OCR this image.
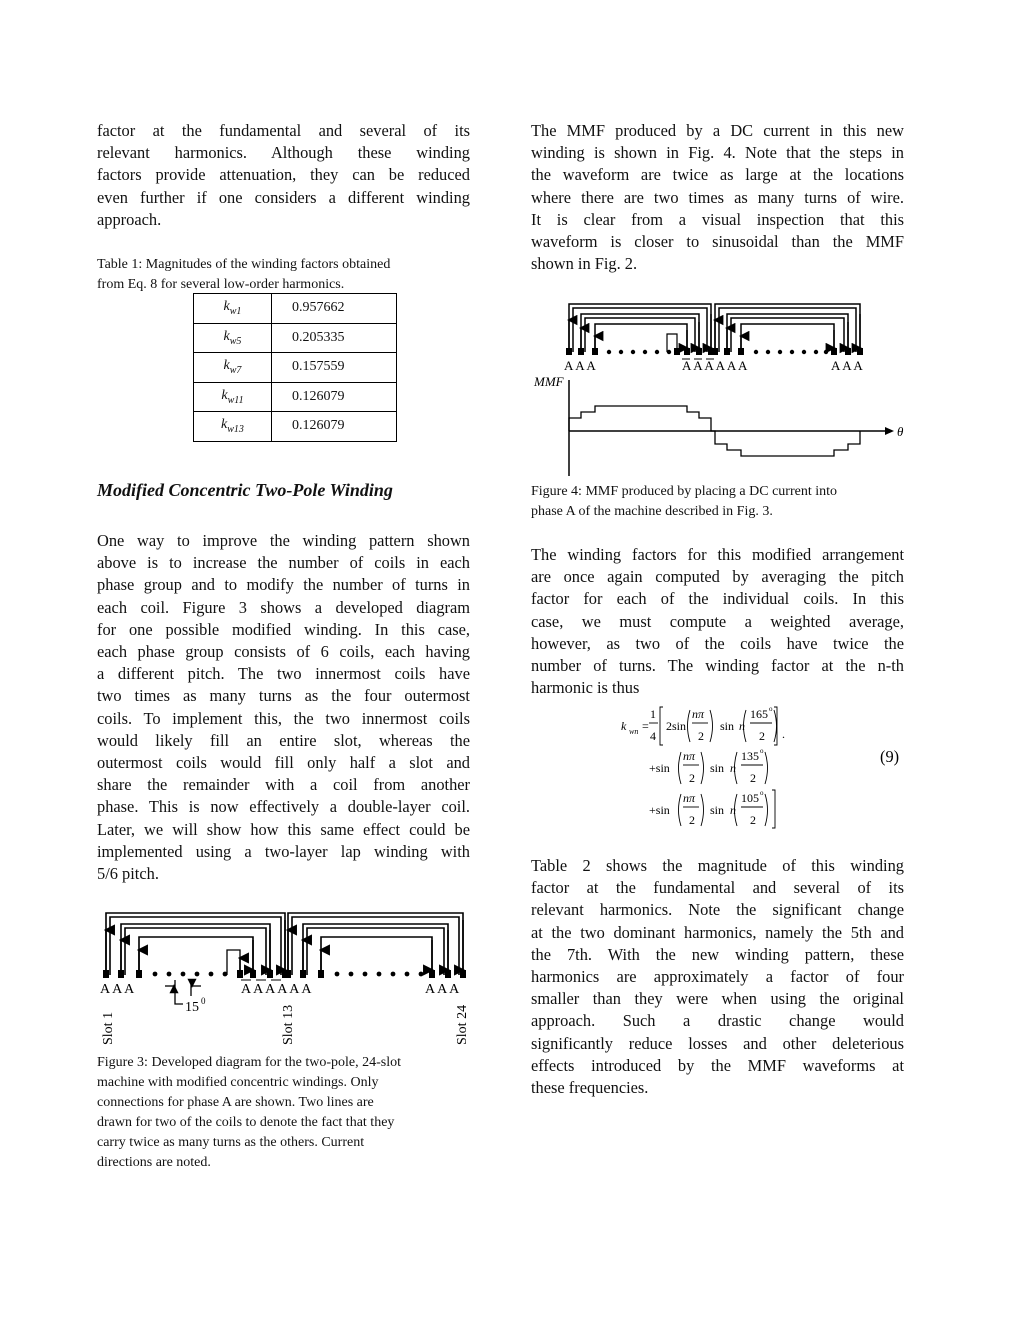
factor at the fundamental and several of its
relevant harmonics. Although these winding
factors provide attenuation, they can be reduced
even further if one considers a different winding
approach.
Table 1: Magnitudes of the winding factors obtained
from Eq. 8 for several low-order harmonics.
$k_{w1}$	0.957662
$k_{w5}$	0.205335
$k_{w7}$	0.157559
$k_{w11}$	0.126079
$k_{w13}$	0.126079
Modified Concentric Two-Pole Winding
One way to improve the winding pattern shown
above is to increase the number of coils in each
phase group and to modify the number of turns in
each coil. Figure 3 shows a developed diagram
for one possible modified winding. In this case,
each phase group consists of 6 coils, each having
a different pitch. The two innermost coils have
two times as many turns as the four outermost
coils. To implement this, the two innermost coils
would likely fill an entire slot, whereas the
outermost coils would fill only half a slot and
share the remainder with a coil from another
phase. This is now effectively a double-layer coil.
Later, we will show how this same effect could be
implemented using a two-layer lap winding with
5/6 pitch.
A A A	A A A A A A	A A A
15 0
Slot 1	Slot 13	Slot 24
Figure 3: Developed diagram for the two-pole, 24-slot
machine with modified concentric windings. Only
connections for phase A are shown. Two lines are
drawn for two of the coils to denote the fact that they
carry twice as many turns as the others. Current
directions are noted.
The MMF produced by a DC current in this new
winding is shown in Fig. 4. Note that the steps in
the waveform are twice as large at the locations
where there are two times as many turns of wire.
It is clear from a visual inspection that this
waveform is closer to sinusoidal than the MMF
shown in Fig. 2.
A A A	A A A A A A	A A A
MMF
θ
Figure 4: MMF produced by placing a DC current into
phase A of the machine described in Fig. 3.
The winding factors for this modified arrangement
are once again computed by averaging the pitch
factor for each of the individual coils. In this
case, we must compute a weighted average,
however, as two of the coils have twice the
number of turns. The winding factor at the n-th
harmonic is thus
k wn =
1
4
2sin
nπ
2
sin n
165 o
2 .
+sin
nπ
2
sin n
135 o
2
+sin
nπ
2
sin n
105 o
2
(9)
Table 2 shows the magnitude of this winding
factor at the fundamental and several of its
relevant harmonics. Note the significant change
at the two dominant harmonics, namely the 5th and
the 7th. With the new winding pattern, these
harmonics are approximately a factor of four
smaller than they were when using the original
approach. Such a drastic change would
significantly reduce losses and other deleterious
effects introduced by the MMF waveforms at
these frequencies.
